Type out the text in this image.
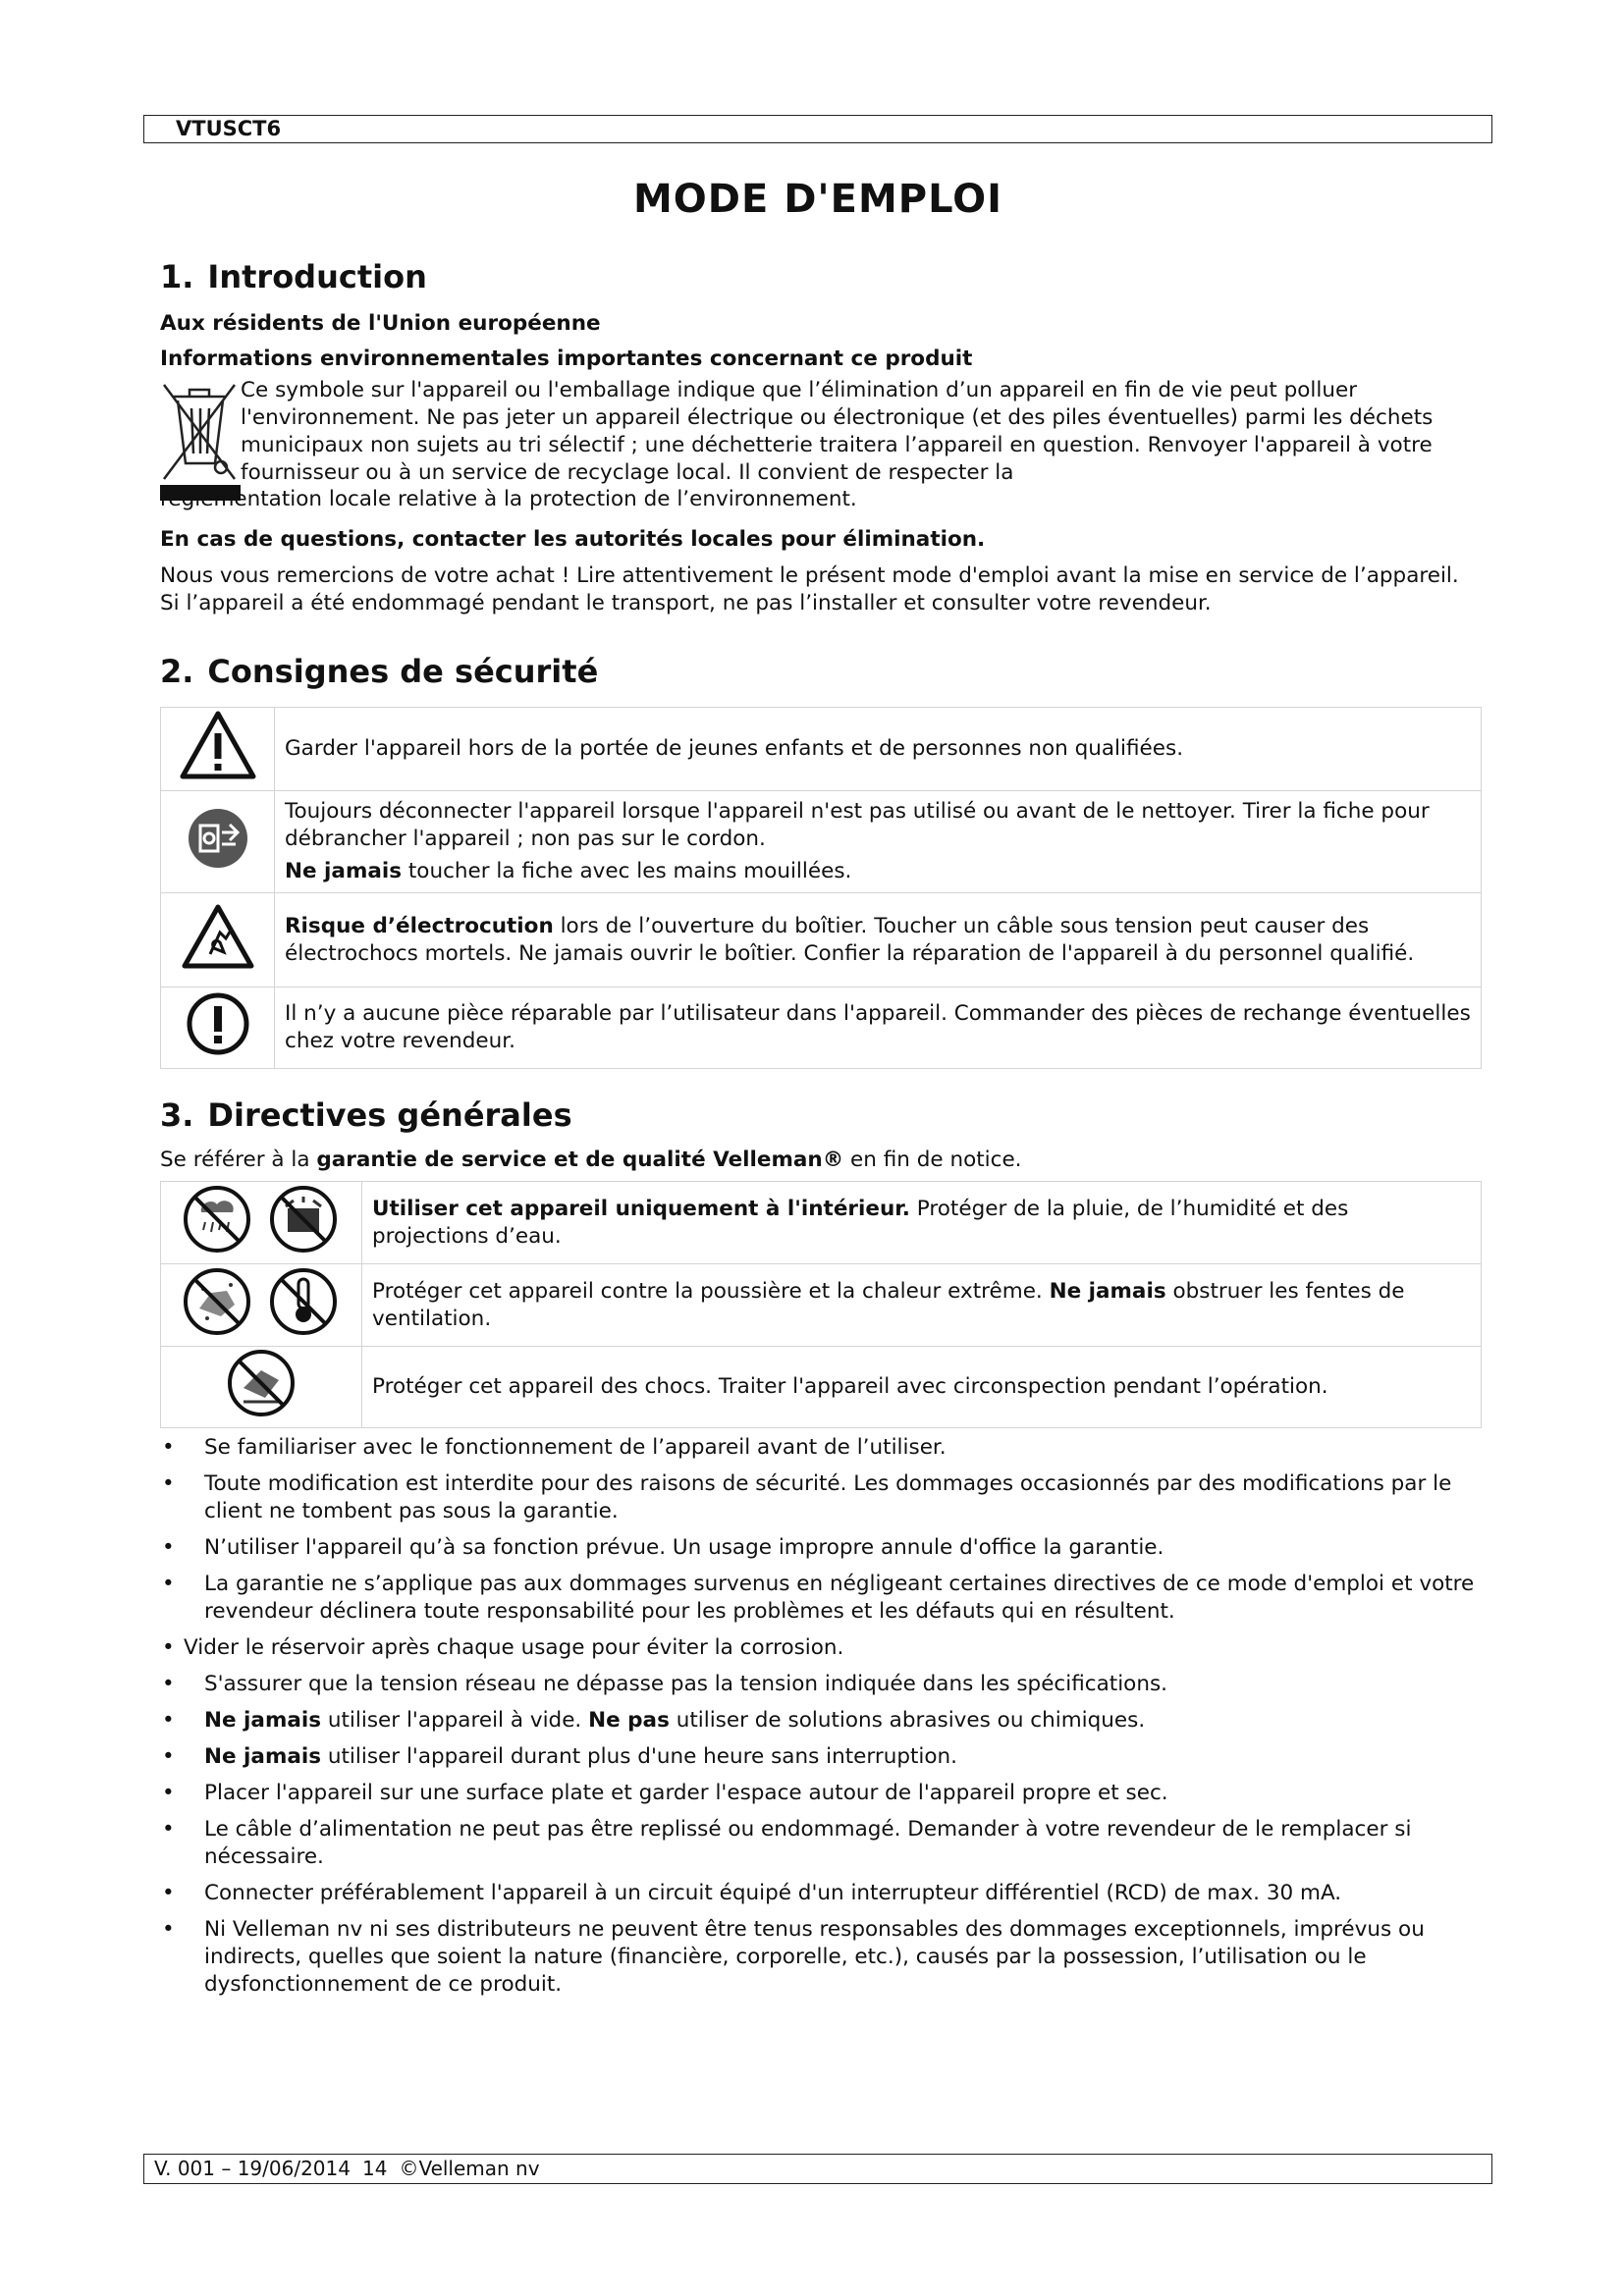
VTUSCT6
MODE D'EMPLOI
1. Introduction

Aux résidents de l'Union européenne

Informations environnementales importantes concernant ce produit

Ce symbole sur l'appareil ou l'emballage indique que l’élimination d’un appareil en fin de vie peut polluer l'environnement. Ne pas jeter un appareil électrique ou électronique (et des piles éventuelles) parmi les déchets municipaux non sujets au tri sélectif ; une déchetterie traitera l’appareil en question. Renvoyer l'appareil à votre fournisseur ou à un service de recyclage local. Il convient de respecter la

réglementation locale relative à la protection de l’environnement.

En cas de questions, contacter les autorités locales pour élimination.

Nous vous remercions de votre achat ! Lire attentivement le présent mode d'emploi avant la mise en service de l’appareil. Si l’appareil a été endommagé pendant le transport, ne pas l’installer et consulter votre revendeur.

2. Consignes de sécurité
	Garder l'appareil hors de la portée de jeunes enfants et de personnes non qualifiées.

Toujours déconnecter l'appareil lorsque l'appareil n'est pas utilisé ou avant de le nettoyer. Tirer la fiche pour débrancher l'appareil ; non pas sur le cordon.
Ne jamais toucher la fiche avec les mains mouillées.

	Risque d’électrocution lors de l’ouverture du boîtier. Toucher un câble sous tension peut causer des électrochocs mortels. Ne jamais ouvrir le boîtier. Confier la réparation de l'appareil à du personnel qualifié.
	Il n’y a aucune pièce réparable par l’utilisateur dans l'appareil. Commander des pièces de rechange éventuelles chez votre revendeur.
3. Directives générales

Se référer à la garantie de service et de qualité Velleman® en fin de notice.

	Utiliser cet appareil uniquement à l'intérieur. Protéger de la pluie, de l’humidité et des projections d’eau.
	Protéger cet appareil contre la poussière et la chaleur extrême. Ne jamais obstruer les fentes de ventilation.
	Protéger cet appareil des chocs. Traiter l'appareil avec circonspection pendant l’opération.
• Se familiariser avec le fonctionnement de l’appareil avant de l’utiliser.
• Toute modification est interdite pour des raisons de sécurité. Les dommages occasionnés par des modifications par le client ne tombent pas sous la garantie.
• N’utiliser l'appareil qu’à sa fonction prévue. Un usage impropre annule d'office la garantie.
• La garantie ne s’applique pas aux dommages survenus en négligeant certaines directives de ce mode d'emploi et votre revendeur déclinera toute responsabilité pour les problèmes et les défauts qui en résultent.
• Vider le réservoir après chaque usage pour éviter la corrosion.
• S'assurer que la tension réseau ne dépasse pas la tension indiquée dans les spécifications.
• Ne jamais utiliser l'appareil à vide. Ne pas utiliser de solutions abrasives ou chimiques.
• Ne jamais utiliser l'appareil durant plus d'une heure sans interruption.
• Placer l'appareil sur une surface plate et garder l'espace autour de l'appareil propre et sec.
• Le câble d’alimentation ne peut pas être replissé ou endommagé. Demander à votre revendeur de le remplacer si nécessaire.
• Connecter préférablement l'appareil à un circuit équipé d'un interrupteur différentiel (RCD) de max. 30 mA.
• Ni Velleman nv ni ses distributeurs ne peuvent être tenus responsables des dommages exceptionnels, imprévus ou indirects, quelles que soient la nature (financière, corporelle, etc.), causés par la possession, l’utilisation ou le dysfonctionnement de ce produit.
V. 001 – 19/06/2014 14 ©Velleman nv
